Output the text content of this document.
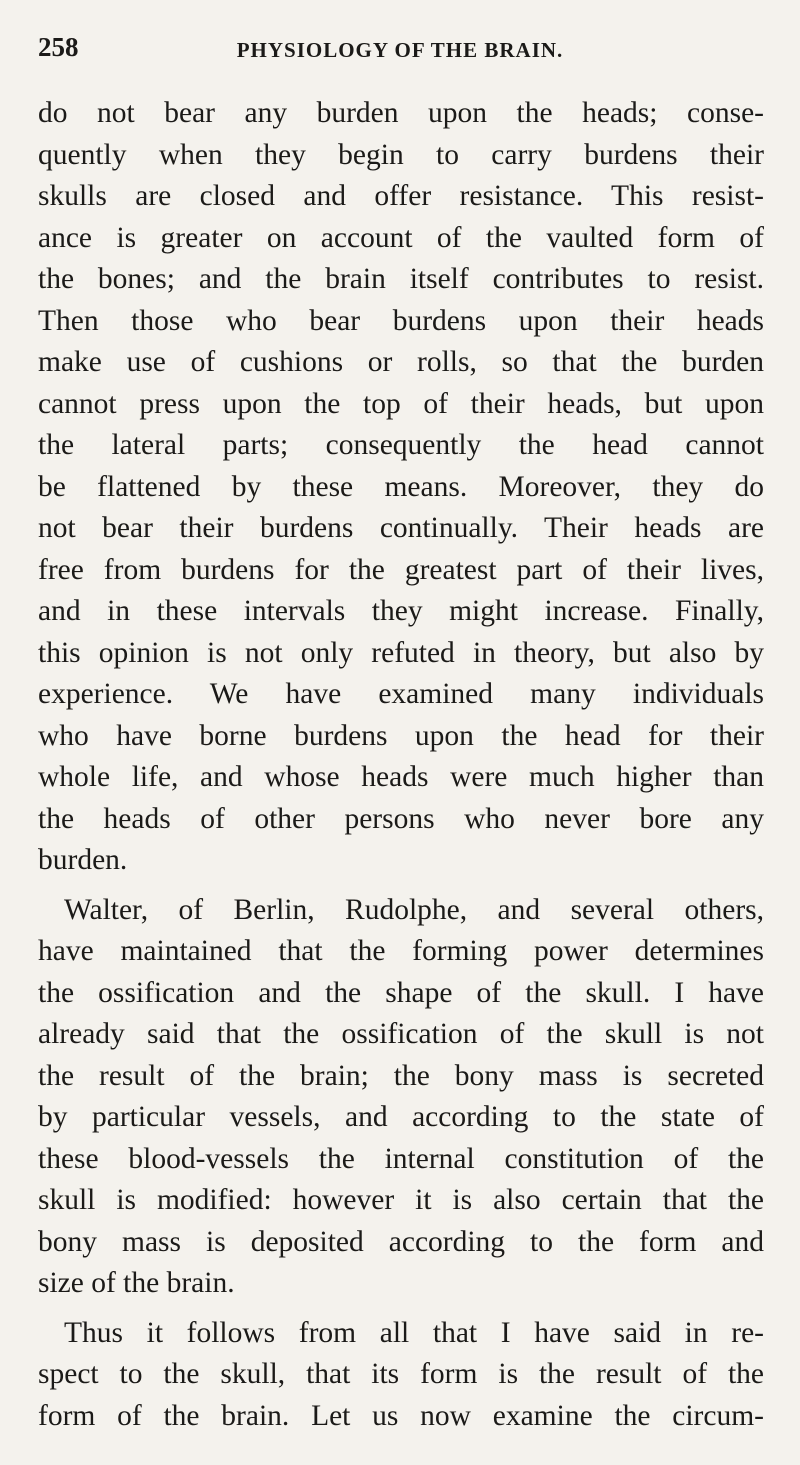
258	PHYSIOLOGY OF THE BRAIN.

do not bear any burden upon the heads; conse-
quently when they begin to carry burdens their
skulls are closed and offer resistance. This resist-
ance is greater on account of the vaulted form of
the bones; and the brain itself contributes to resist.
Then those who bear burdens upon their heads
make use of cushions or rolls, so that the burden
cannot press upon the top of their heads, but upon
the lateral parts; consequently the head cannot
be flattened by these means. Moreover, they do
not bear their burdens continually. Their heads are
free from burdens for the greatest part of their lives,
and in these intervals they might increase. Finally,
this opinion is not only refuted in theory, but also by
experience. We have examined many individuals
who have borne burdens upon the head for their
whole life, and whose heads were much higher than
the heads of other persons who never bore any
burden.

Walter, of Berlin, Rudolphe, and several others,
have maintained that the forming power determines
the ossification and the shape of the skull. I have
already said that the ossification of the skull is not
the result of the brain; the bony mass is secreted
by particular vessels, and according to the state of
these blood-vessels the internal constitution of the
skull is modified: however it is also certain that the
bony mass is deposited according to the form and
size of the brain.

Thus it follows from all that I have said in re-
spect to the skull, that its form is the result of the
form of the brain. Let us now examine the circum-
